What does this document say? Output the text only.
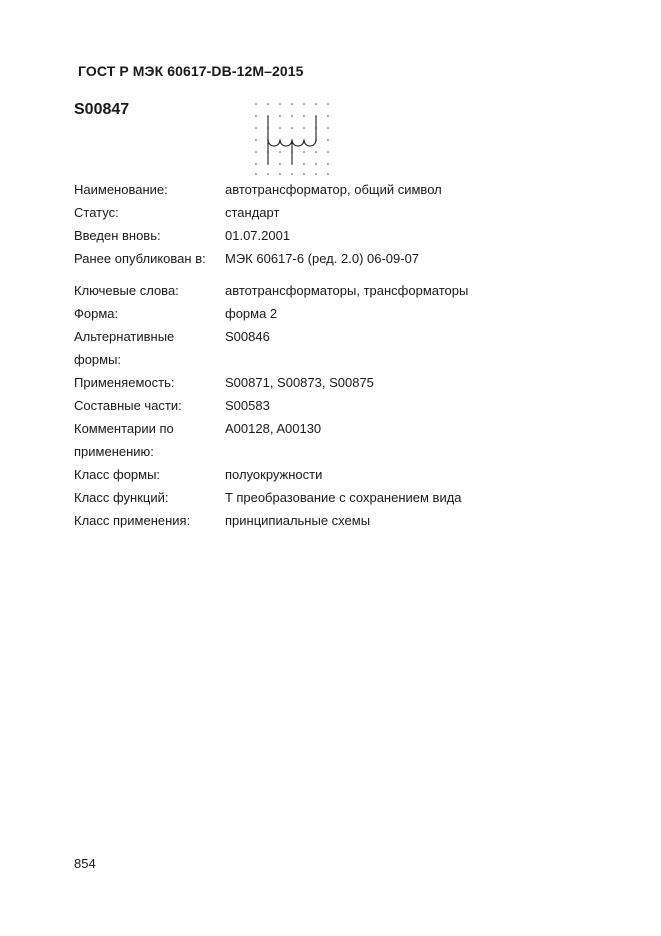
ГОСТ Р МЭК 60617-DB-12M–2015
S00847
Наименование:	автотрансформатор, общий символ
Статус:	стандарт
Введен вновь:	01.07.2001
Ранее опубликован в:	МЭК 60617-6 (ред. 2.0) 06-09-07
Ключевые слова:	автотрансформаторы, трансформаторы
Форма:	форма 2
Альтернативные	S00846
формы:
Применяемость:	S00871, S00873, S00875
Составные части:	S00583
Комментарии по	A00128, A00130
применению:
Класс формы:	полуокружности
Класс функций:	T преобразование с сохранением вида
Класс применения:	принципиальные схемы
854
